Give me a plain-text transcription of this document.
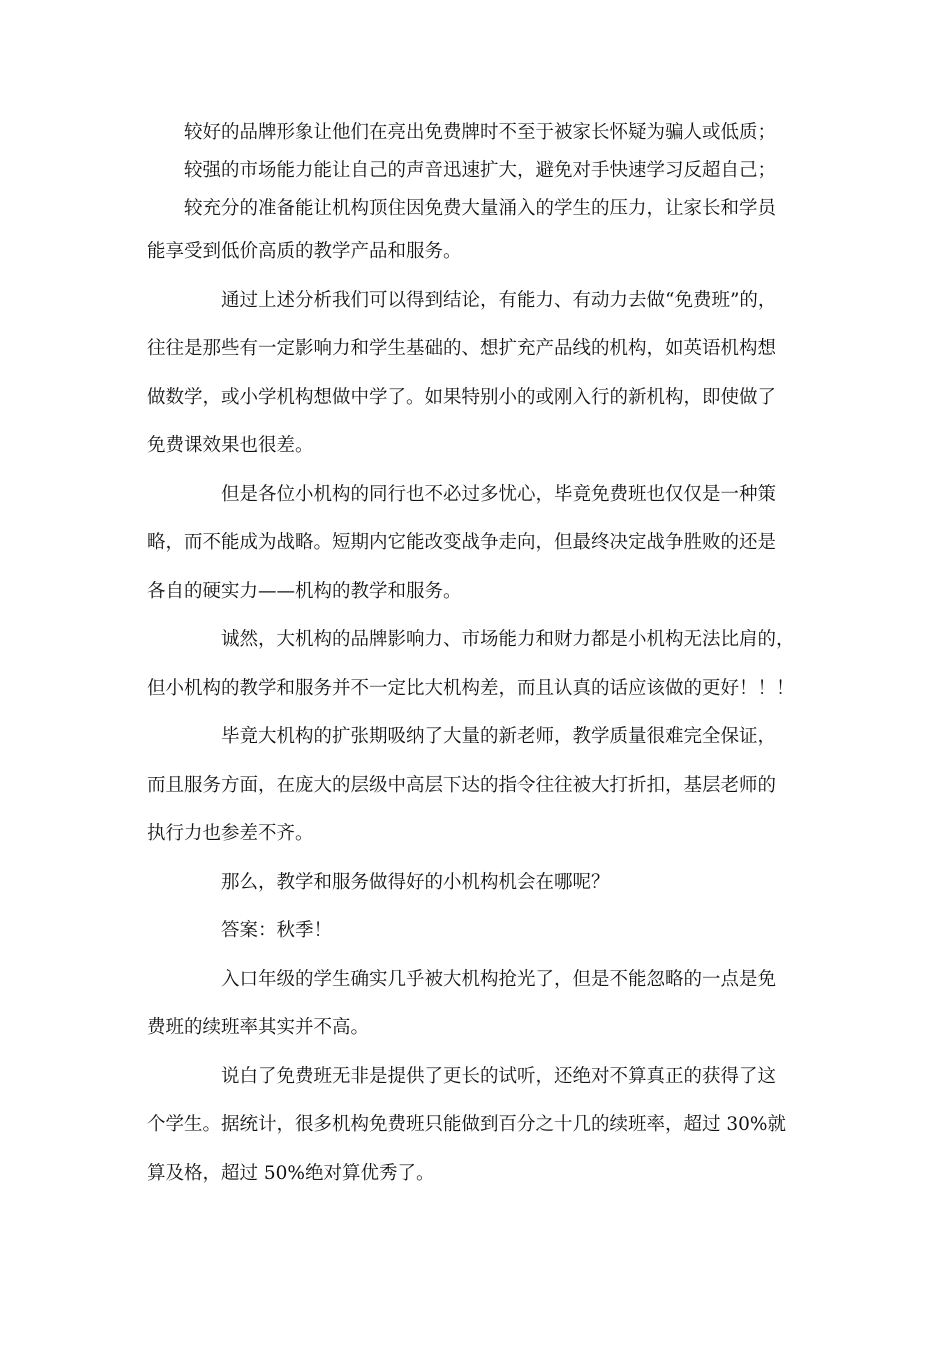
较好的品牌形象让他们在亮出免费牌时不至于被家长怀疑为骗人或低质；

较强的市场能力能让自己的声音迅速扩大，避免对手快速学习反超自己；

较充分的准备能让机构顶住因免费大量涌入的学生的压力，让家长和学员

能享受到低价高质的教学产品和服务。

通过上述分析我们可以得到结论，有能力、有动力去做“免费班”的，
往往是那些有一定影响力和学生基础的、想扩充产品线的机构，如英语机构想
做数学，或小学机构想做中学了。如果特别小的或刚入行的新机构，即使做了
免费课效果也很差。

但是各位小机构的同行也不必过多忧心，毕竟免费班也仅仅是一种策
略，而不能成为战略。短期内它能改变战争走向，但最终决定战争胜败的还是
各自的硬实力——机构的教学和服务。

诚然，大机构的品牌影响力、市场能力和财力都是小机构无法比肩的，
但小机构的教学和服务并不一定比大机构差，而且认真的话应该做的更好！！！

毕竟大机构的扩张期吸纳了大量的新老师，教学质量很难完全保证，
而且服务方面，在庞大的层级中高层下达的指令往往被大打折扣，基层老师的
执行力也参差不齐。

那么，教学和服务做得好的小机构机会在哪呢？

答案：秋季！

入口年级的学生确实几乎被大机构抢光了，但是不能忽略的一点是免
费班的续班率其实并不高。

说白了免费班无非是提供了更长的试听，还绝对不算真正的获得了这
个学生。据统计，很多机构免费班只能做到百分之十几的续班率，超过 30%就
算及格，超过 50%绝对算优秀了。
